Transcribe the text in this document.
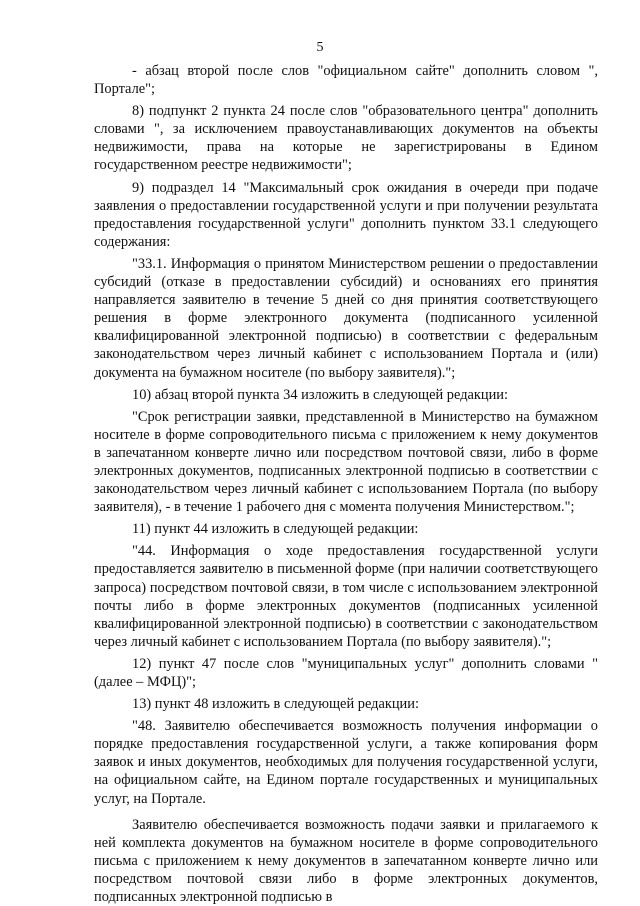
5

- абзац второй после слов "официальном сайте" дополнить словом ", Портале";

8) подпункт 2 пункта 24 после слов "образовательного центра" дополнить словами ", за исключением правоустанавливающих документов на объекты недвижимости, права на которые не зарегистрированы в Едином государственном реестре недвижимости";

9) подраздел 14 "Максимальный срок ожидания в очереди при подаче заявления о предоставлении государственной услуги и при получении результата предоставления государственной услуги" дополнить пунктом 33.1 следующего содержания:

"33.1. Информация о принятом Министерством решении о предоставлении субсидий (отказе в предоставлении субсидий) и основаниях его принятия направляется заявителю в течение 5 дней со дня принятия соответствующего решения в форме электронного документа (подписанного усиленной квалифицированной электронной подписью) в соответствии с федеральным законодательством через личный кабинет с использованием Портала и (или) документа на бумажном носителе (по выбору заявителя).";

10) абзац второй пункта 34 изложить в следующей редакции:

"Срок регистрации заявки, представленной в Министерство на бумажном носителе в форме сопроводительного письма с приложением к нему документов в запечатанном конверте лично или посредством почтовой связи, либо в форме электронных документов, подписанных электронной подписью в соответствии с законодательством через личный кабинет с использованием Портала (по выбору заявителя), - в течение 1 рабочего дня с момента получения Министерством.";

11) пункт 44 изложить в следующей редакции:

"44. Информация о ходе предоставления государственной услуги предоставляется заявителю в письменной форме (при наличии соответствующего запроса) посредством почтовой связи, в том числе с использованием электронной почты либо в форме электронных документов (подписанных усиленной квалифицированной электронной подписью) в соответствии с законодательством через личный кабинет с использованием Портала (по выбору заявителя).";

12) пункт 47 после слов "муниципальных услуг" дополнить словами "(далее – МФЦ)";

13) пункт 48 изложить в следующей редакции:

"48. Заявителю обеспечивается возможность получения информации о порядке предоставления государственной услуги, а также копирования форм заявок и иных документов, необходимых для получения государственной услуги, на официальном сайте, на Едином портале государственных и муниципальных услуг, на Портале.

Заявителю обеспечивается возможность подачи заявки и прилагаемого к ней комплекта документов на бумажном носителе в форме сопроводительного письма с приложением к нему документов в запечатанном конверте лично или посредством почтовой связи либо в форме электронных документов, подписанных электронной подписью в
